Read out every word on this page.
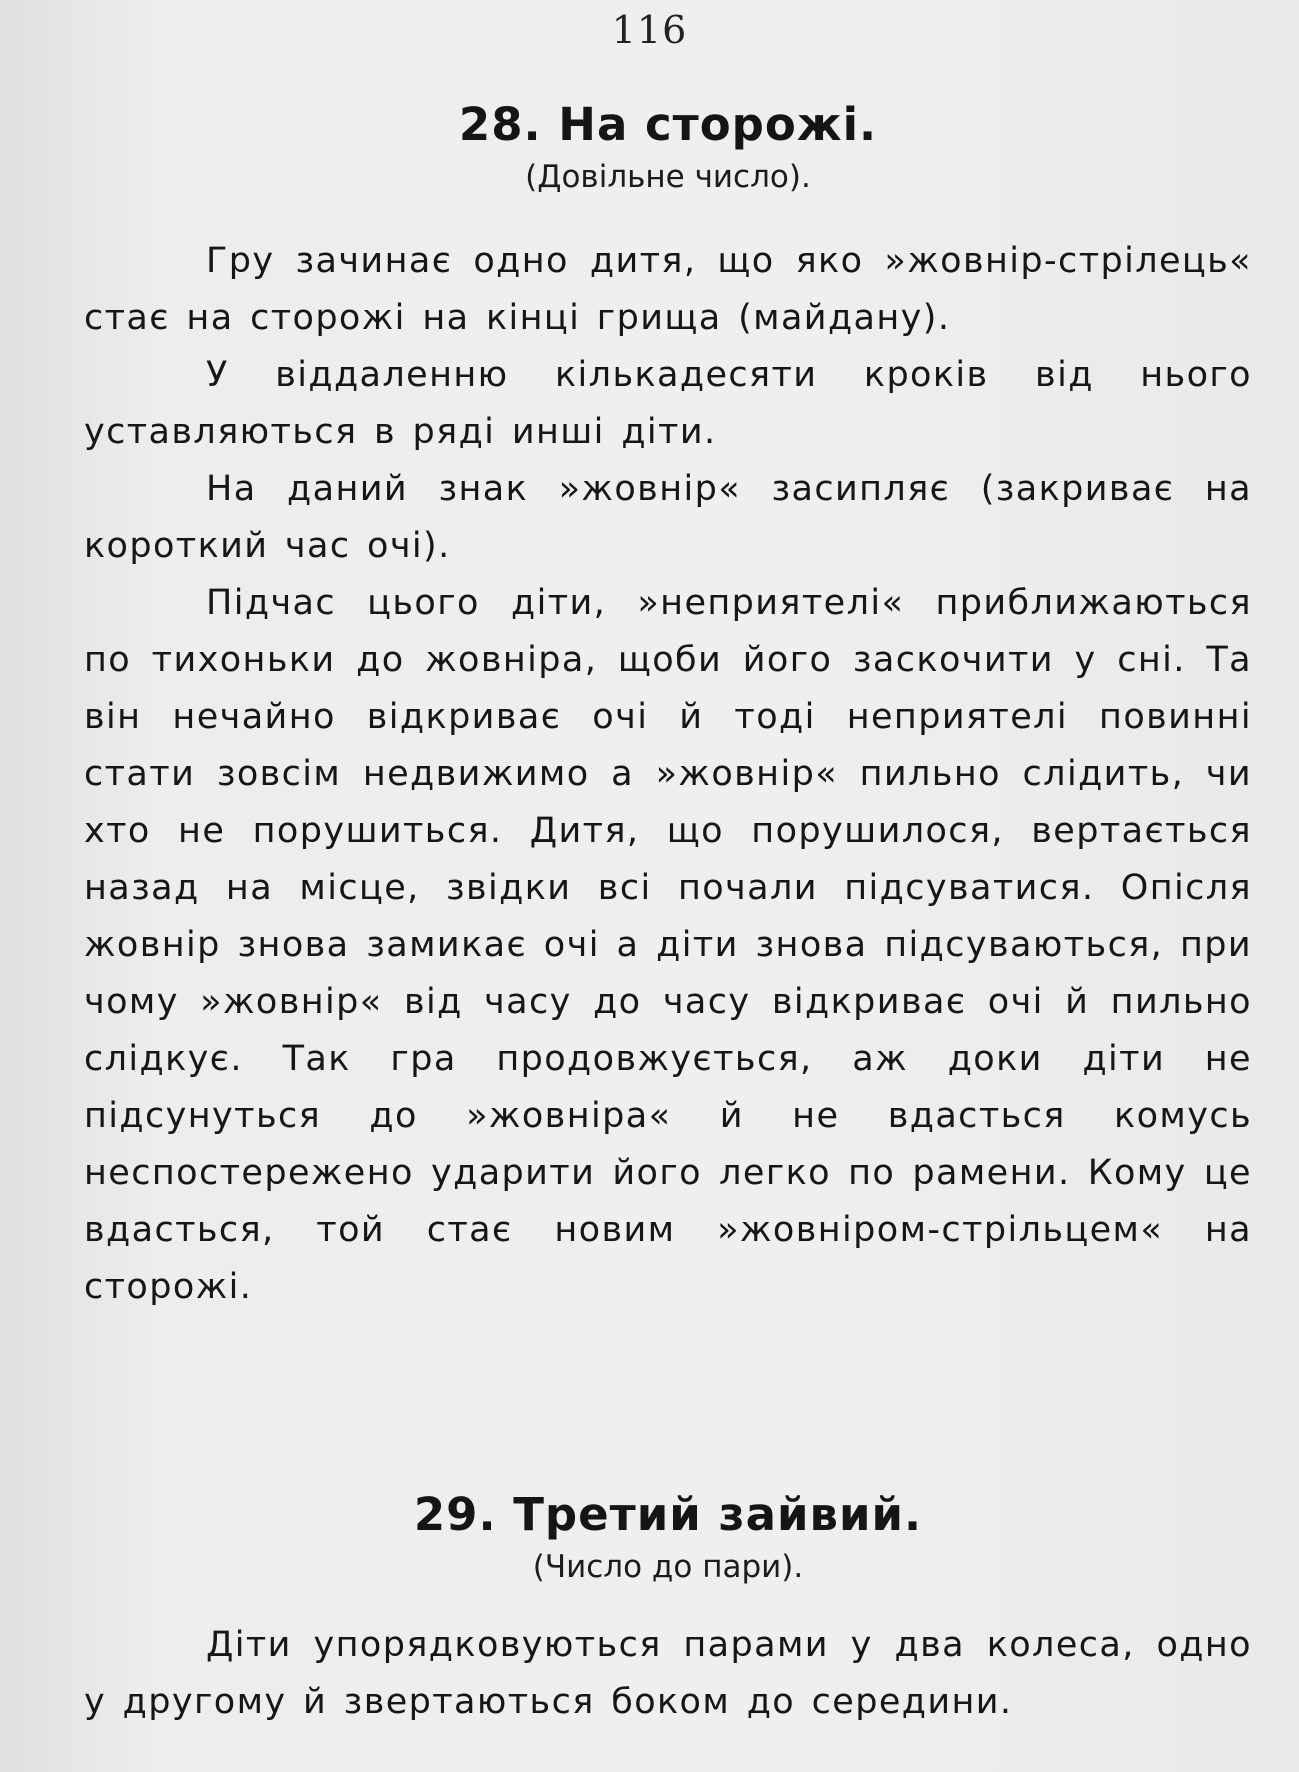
116
28. На сторожі.
(Довільне число).

Гру зачинає одно дитя, що яко »жовнір-стрілець« стає на сторожі на кінці грища (майдану).

У віддаленню кількадесяти кроків від нього уставляються в ряді инші діти.

На даний знак »жовнір« засипляє (закриває на короткий час очі).

Підчас цього діти, »неприятелі« приближаються по тихоньки до жовніра, щоби його заскочити у сні. Та він нечайно відкриває очі й тоді неприятелі повинні стати зовсім недвижимо а »жовнір« пильно слідить, чи хто не порушиться. Дитя, що порушилося, вертається назад на місце, звідки всі почали підсуватися. Опісля жовнір знова замикає очі а діти знова підсуваються, при чому »жовнір« від часу до часу відкриває очі й пильно слідкує. Так гра продовжується, аж доки діти не підсунуться до »жовніра« й не вдасться комусь неспостережено ударити його легко по рамени. Кому це вдасться, той стає новим »жовніром-стрільцем« на сторожі.

29. Третий зайвий.
(Число до пари).

Діти упорядковуються парами у два колеса, одно у другому й звертаються боком до середини.
